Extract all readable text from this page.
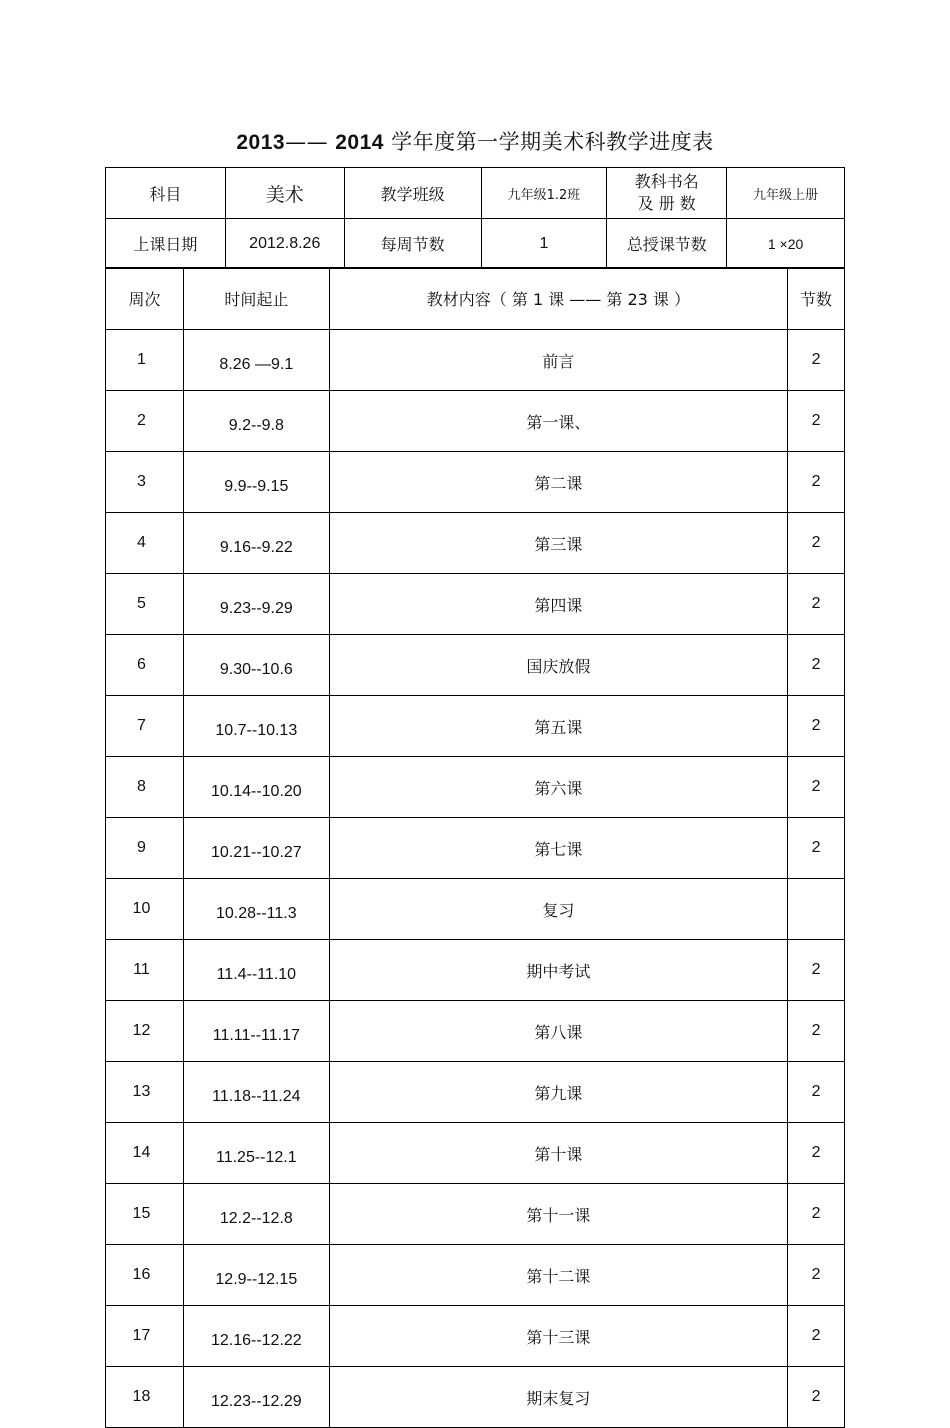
2013—— 2014 学年度第一学期美术科教学进度表
科目	美术	教学班级	九年级1.2班	教科书名
及 册 数	九年级上册
上课日期	2012.8.26	每周节数	1	总授课节数	1 ×20
周次	时间起止	教材内容（ 第 1 课 —— 第 23 课 ）	节数
1	8.26 —9.1	前言	2
2	9.2--9.8	第一课、	2
3	9.9--9.15	第二课	2
4	9.16--9.22	第三课	2
5	9.23--9.29	第四课	2
6	9.30--10.6	国庆放假	2
7	10.7--10.13	第五课	2
8	10.14--10.20	第六课	2
9	10.21--10.27	第七课	2
10	10.28--11.3	复习	
11	11.4--11.10	期中考试	2
12	11.11--11.17	第八课	2
13	11.18--11.24	第九课	2
14	11.25--12.1	第十课	2
15	12.2--12.8	第十一课	2
16	12.9--12.15	第十二课	2
17	12.16--12.22	第十三课	2
18	12.23--12.29	期末复习	2
